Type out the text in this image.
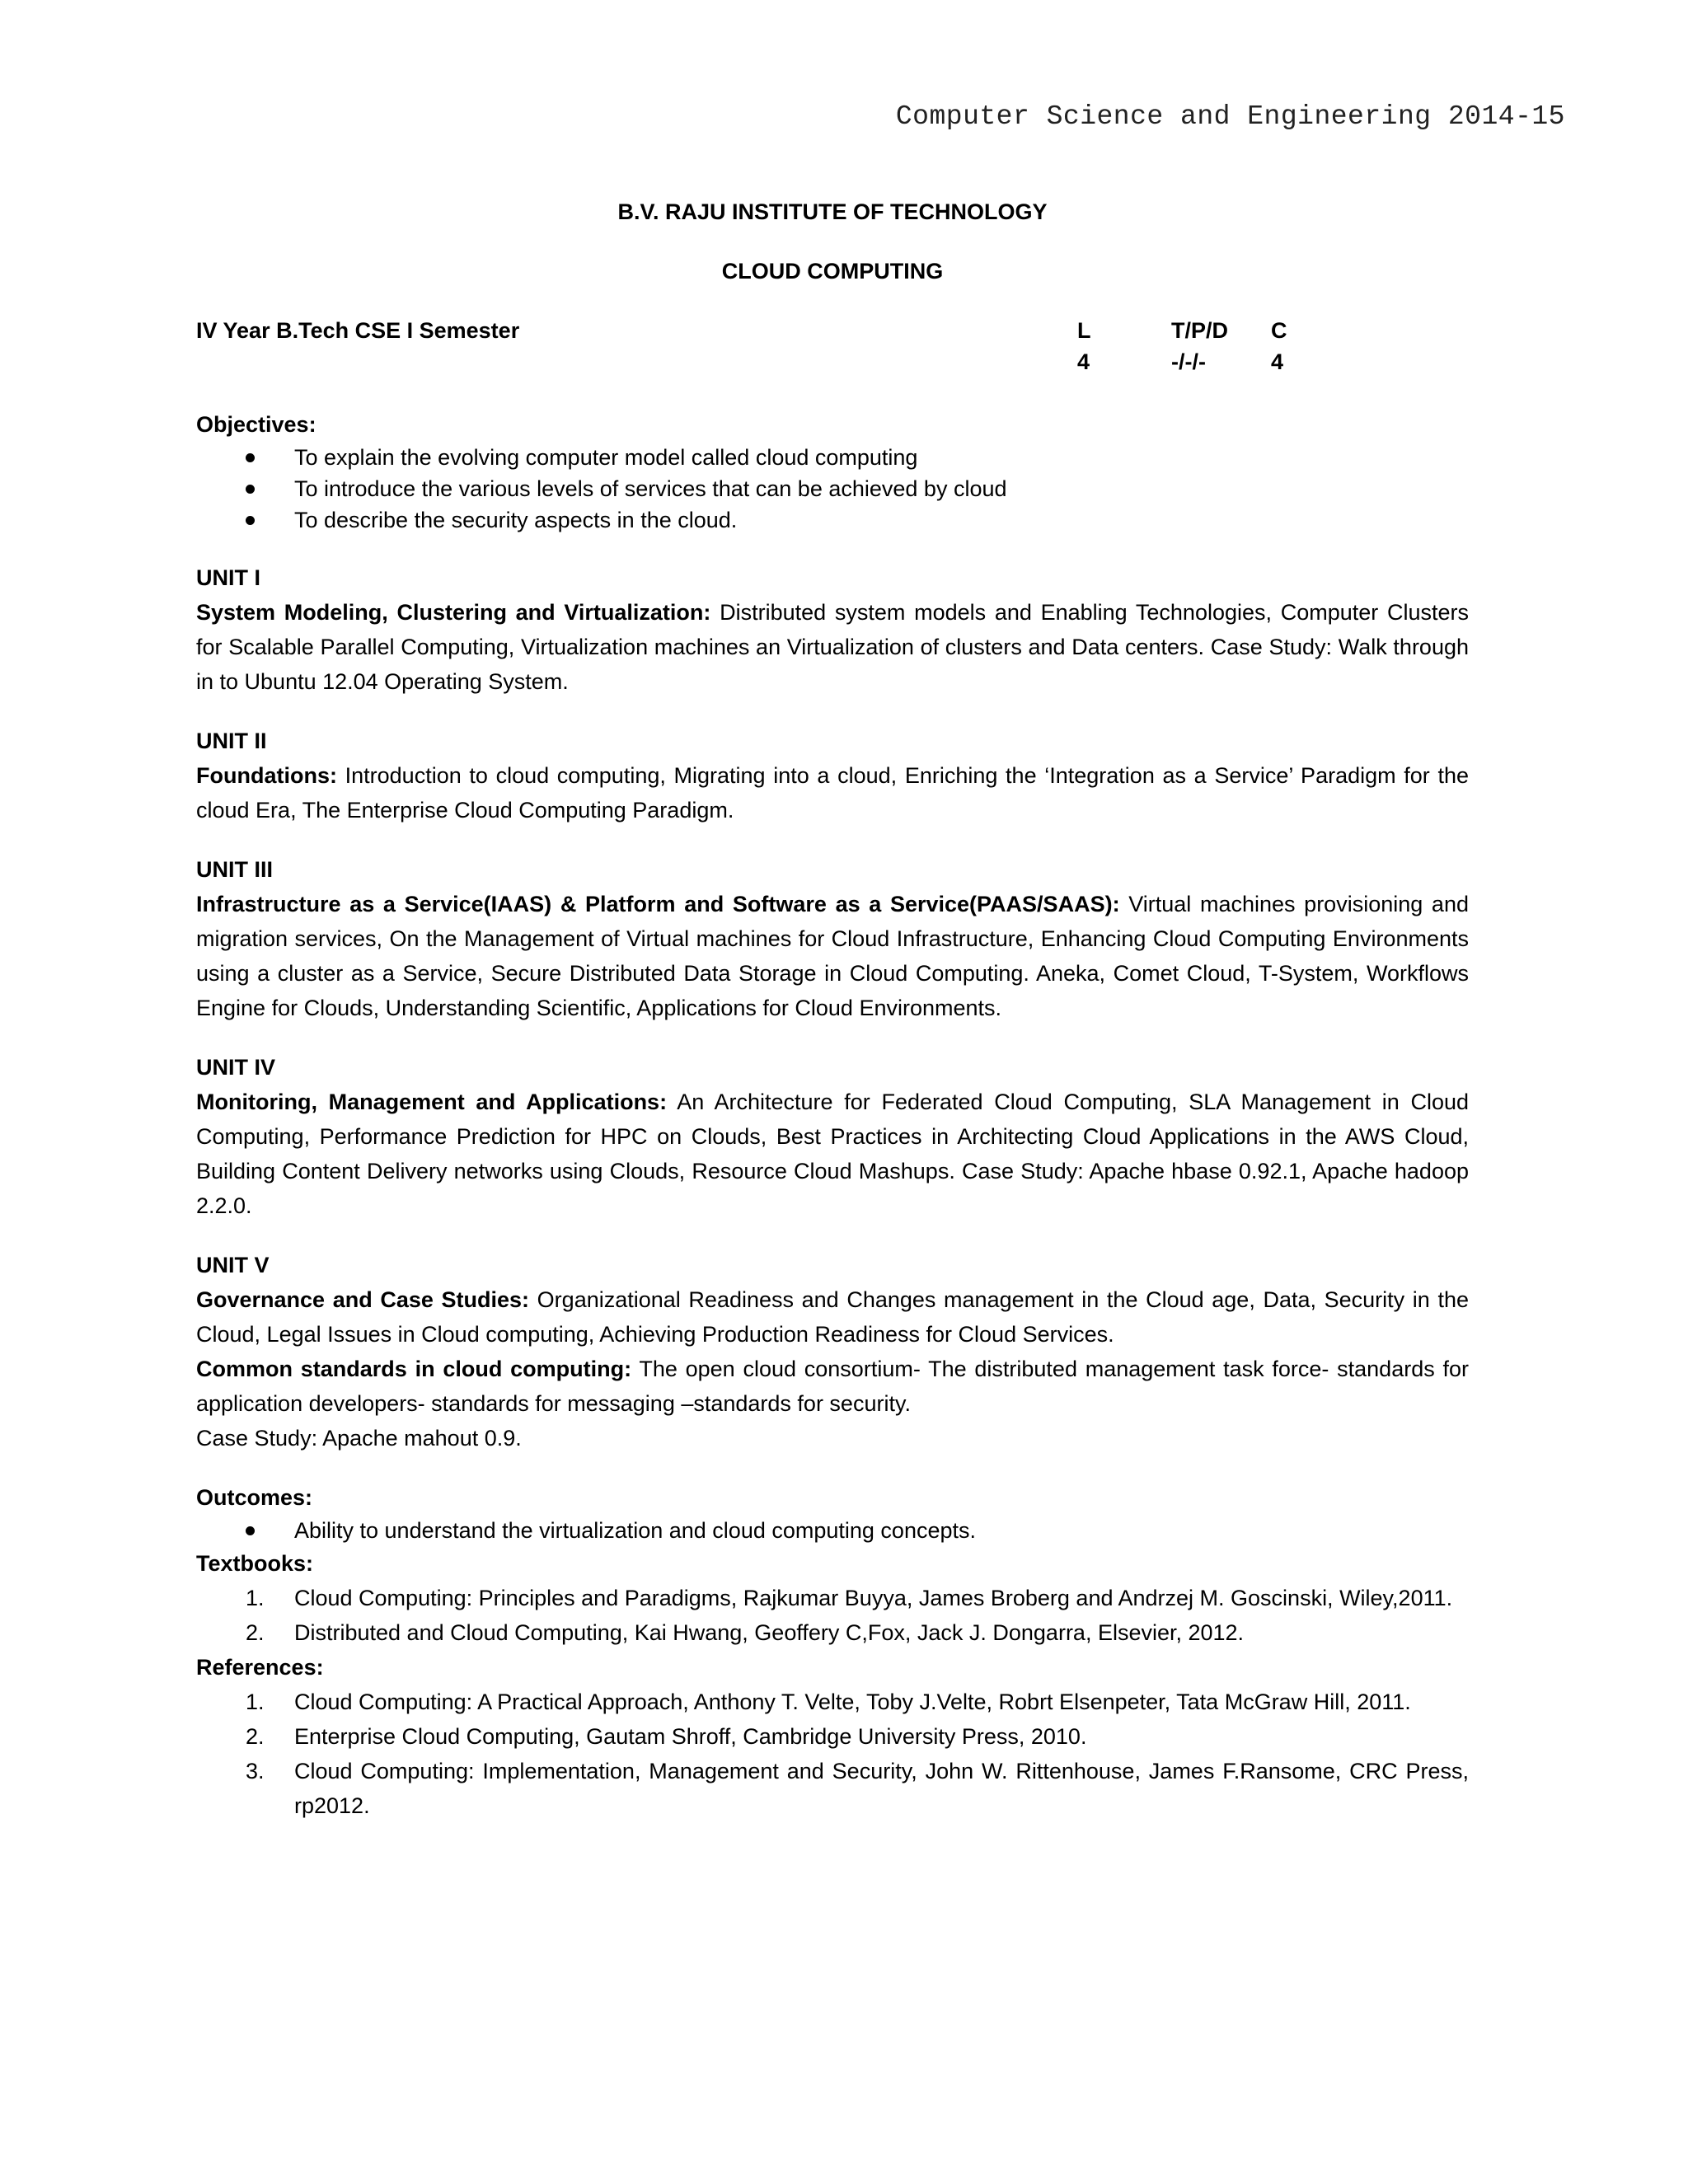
Computer Science and Engineering 2014-15

B.V. RAJU INSTITUTE OF TECHNOLOGY

CLOUD COMPUTING

IV Year B.Tech CSE I Semester	L
4
T/P/D
-/-/-
C
4

Objectives:

To explain the evolving computer model called cloud computing
To introduce the various levels of services that can be achieved by cloud
To describe the security aspects in the cloud.

UNIT I

System Modeling, Clustering and Virtualization: Distributed system models and Enabling Technologies, Computer Clusters for Scalable Parallel Computing, Virtualization machines an Virtualization of clusters and Data centers. Case Study: Walk through in to Ubuntu 12.04 Operating System.

UNIT II

Foundations: Introduction to cloud computing, Migrating into a cloud, Enriching the ‘Integration as a Service’ Paradigm for the cloud Era, The Enterprise Cloud Computing Paradigm.

UNIT III

Infrastructure as a Service(IAAS) & Platform and Software as a Service(PAAS/SAAS): Virtual machines provisioning and migration services, On the Management of Virtual machines for Cloud Infrastructure, Enhancing Cloud Computing Environments using a cluster as a Service, Secure Distributed Data Storage in Cloud Computing. Aneka, Comet Cloud, T-System, Workflows Engine for Clouds, Understanding Scientific, Applications for Cloud Environments.

UNIT IV

Monitoring, Management and Applications: An Architecture for Federated Cloud Computing, SLA Management in Cloud Computing, Performance Prediction for HPC on Clouds, Best Practices in Architecting Cloud Applications in the AWS Cloud, Building Content Delivery networks using Clouds, Resource Cloud Mashups. Case Study: Apache hbase 0.92.1, Apache hadoop 2.2.0.

UNIT V

Governance and Case Studies: Organizational Readiness and Changes management in the Cloud age, Data, Security in the Cloud, Legal Issues in Cloud computing, Achieving Production Readiness for Cloud Services.

Common standards in cloud computing: The open cloud consortium- The distributed management task force- standards for application developers- standards for messaging –standards for security.

Case Study: Apache mahout 0.9.

Outcomes:

Ability to understand the virtualization and cloud computing concepts.

Textbooks:

1. Cloud Computing: Principles and Paradigms, Rajkumar Buyya, James Broberg and Andrzej M. Goscinski, Wiley,2011.
2. Distributed and Cloud Computing, Kai Hwang, Geoffery C,Fox, Jack J. Dongarra, Elsevier, 2012.

References:

1. Cloud Computing: A Practical Approach, Anthony T. Velte, Toby J.Velte, Robrt Elsenpeter, Tata McGraw Hill, 2011.
2. Enterprise Cloud Computing, Gautam Shroff, Cambridge University Press, 2010.
3. Cloud Computing: Implementation, Management and Security, John W. Rittenhouse, James F.Ransome, CRC Press, rp2012.
